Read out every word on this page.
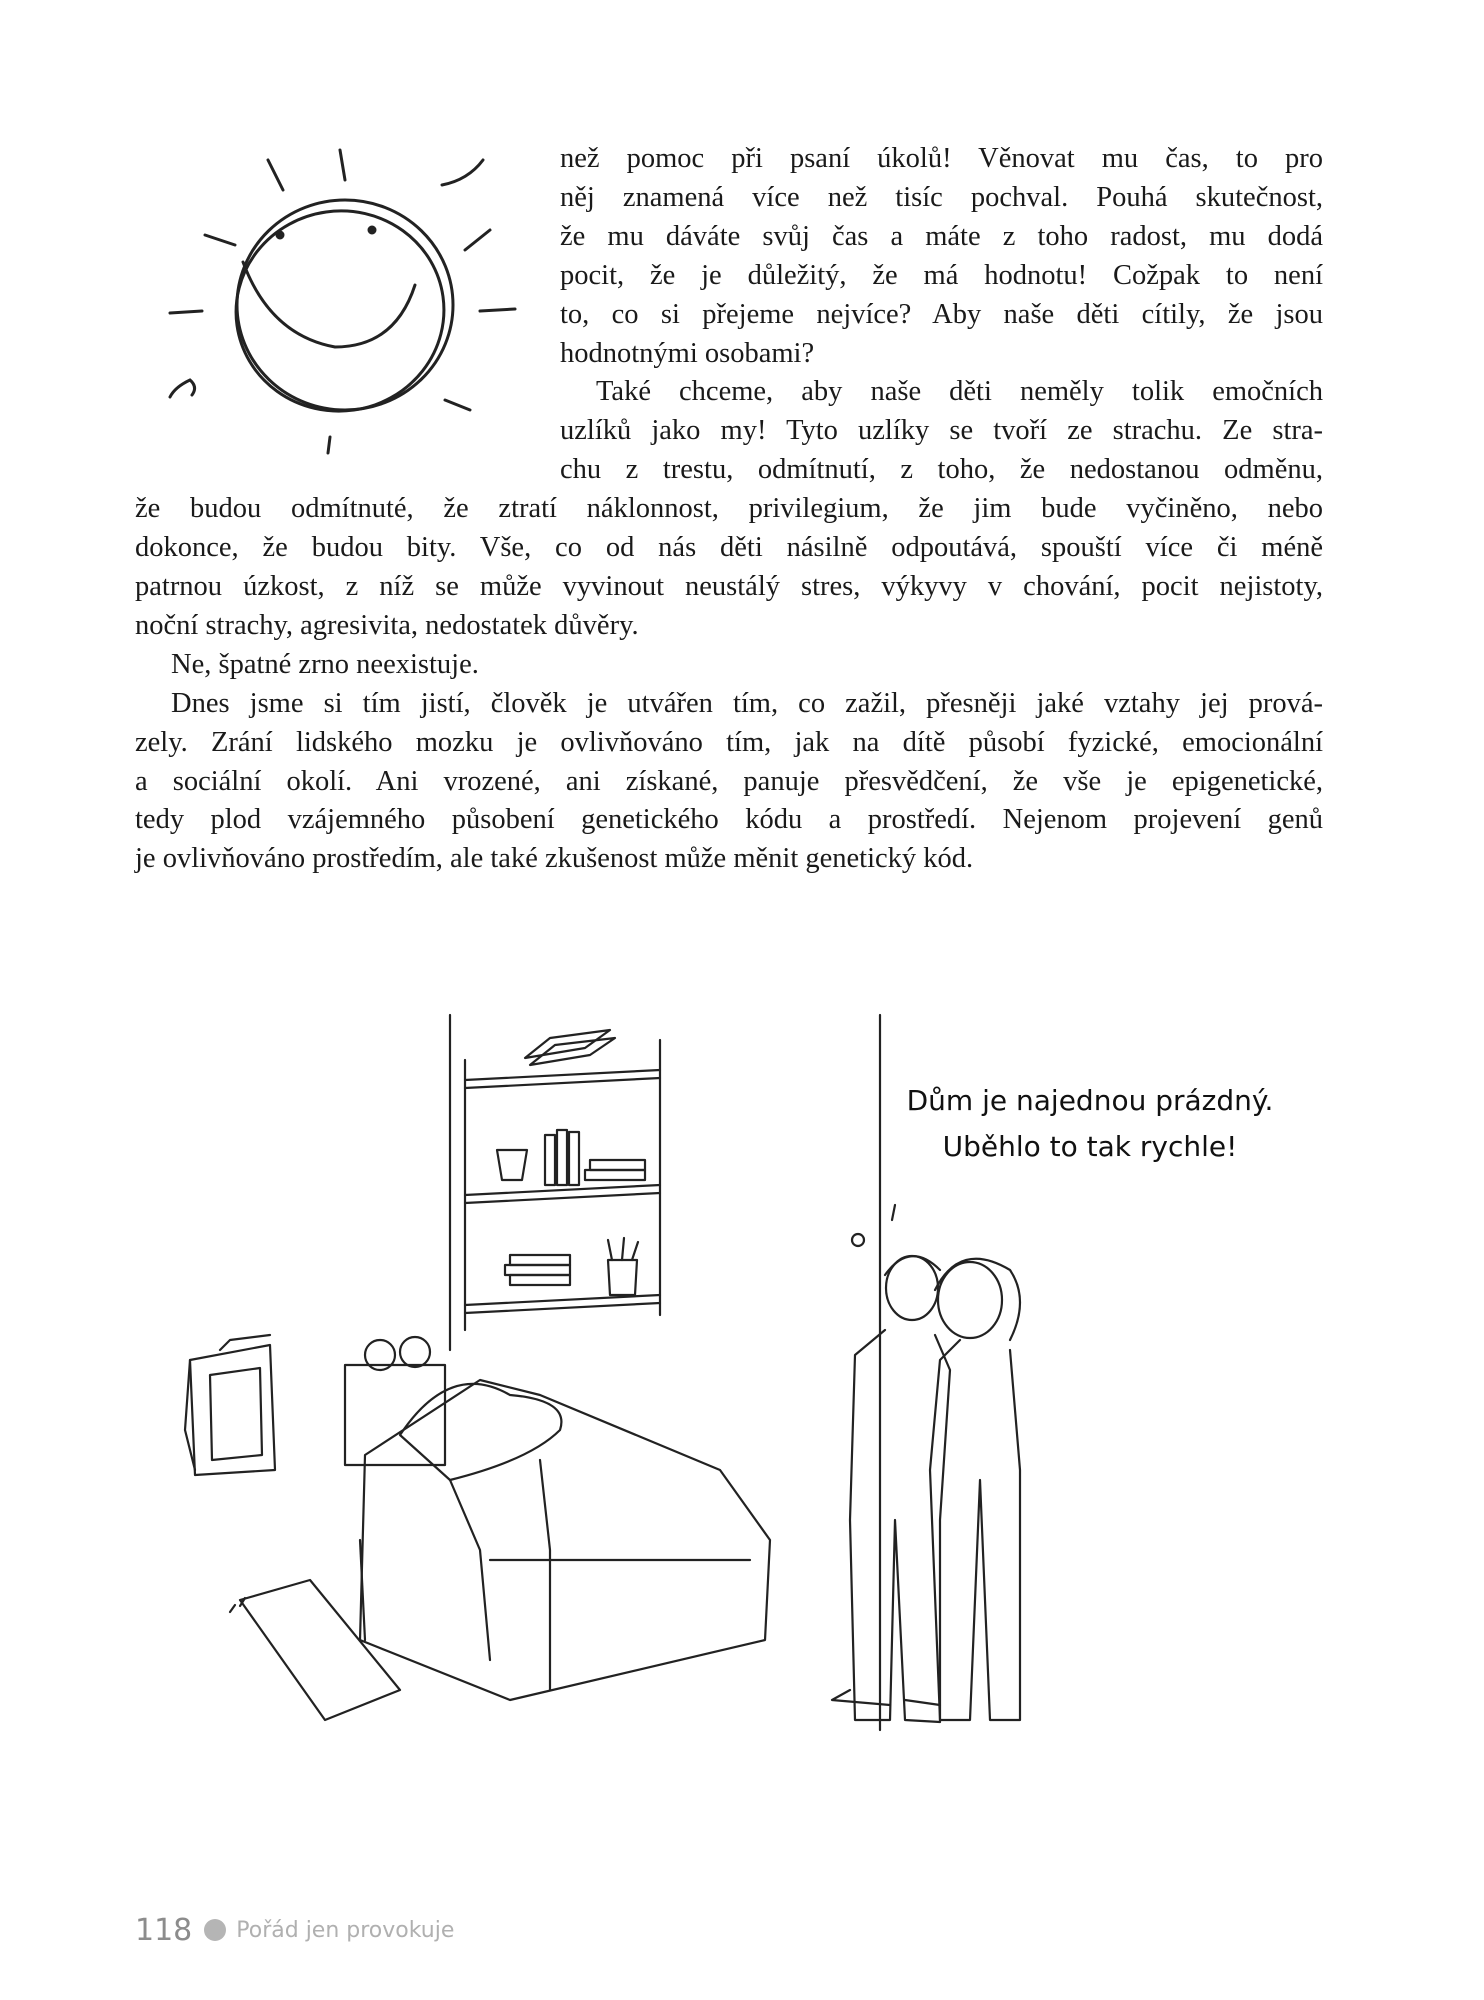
než pomoc při psaní úkolů! Věnovat mu čas, to pro
něj znamená více než tisíc pochval. Pouhá skutečnost,
že mu dáváte svůj čas a máte z toho radost, mu dodá
pocit, že je důležitý, že má hodnotu! Cožpak to není
to, co si přejeme nejvíce? Aby naše děti cítily, že jsou
hodnotnými osobami?

Také chceme, aby naše děti neměly tolik emočních
uzlíků jako my! Tyto uzlíky se tvoří ze strachu. Ze stra-
chu z trestu, odmítnutí, z toho, že nedostanou odměnu,

že budou odmítnuté, že ztratí náklonnost, privilegium, že jim bude vyčiněno, nebo
dokonce, že budou bity. Vše, co od nás děti násilně odpoutává, spouští více či méně
patrnou úzkost, z níž se může vyvinout neustálý stres, výkyvy v chování, pocit nejistoty,
noční strachy, agresivita, nedostatek důvěry.

Ne, špatné zrno neexistuje.

Dnes jsme si tím jistí, člověk je utvářen tím, co zažil, přesněji jaké vztahy jej prová-
zely. Zrání lidského mozku je ovlivňováno tím, jak na dítě působí fyzické, emocionální
a sociální okolí. Ani vrozené, ani získané, panuje přesvědčení, že vše je epigenetické,
tedy plod vzájemného působení genetického kódu a prostředí. Nejenom projevení genů
je ovlivňováno prostředím, ale také zkušenost může měnit genetický kód.

Dům je najednou prázdný.
Uběhlo to tak rychle!
118 Pořád jen provokuje
